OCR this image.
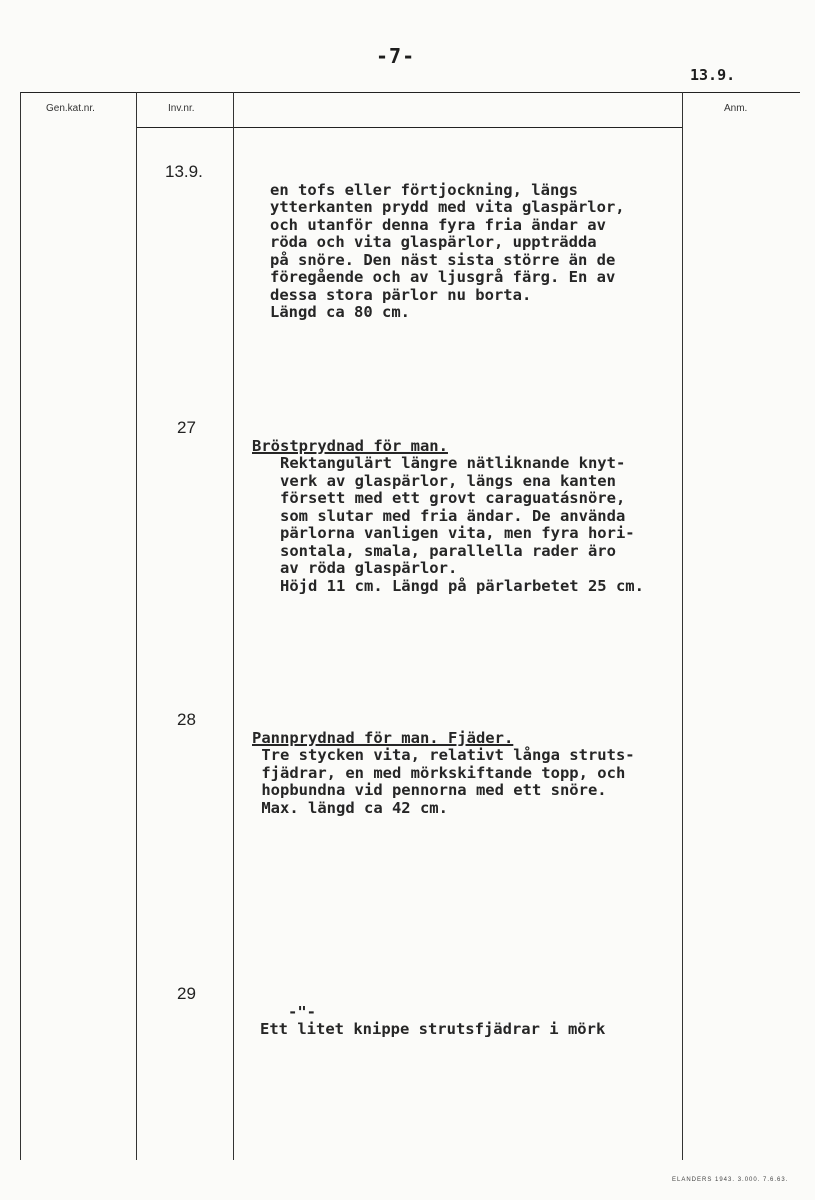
-7-
13.9.
Gen.kat.nr.	Inv.nr.	Anm.
13.9.

en tofs eller förtjockning, längs
ytterkanten prydd med vita glaspärlor,
och utanför denna fyra fria ändar av
röda och vita glaspärlor, uppträdda
på snöre. Den näst sista större än de
föregående och av ljusgrå färg. En av
dessa stora pärlor nu borta.
Längd ca 80 cm.

27

Bröstprydnad för man.
Rektangulärt längre nätliknande knyt-
verk av glaspärlor, längs ena kanten
försett med ett grovt caraguatásnöre,
som slutar med fria ändar. De använda
pärlorna vanligen vita, men fyra hori-
sontala, smala, parallella rader äro
av röda glaspärlor.
Höjd 11 cm. Längd på pärlarbetet 25 cm.

28

Pannprydnad för man. Fjäder.
Tre stycken vita, relativt långa struts-
fjädrar, en med mörkskiftande topp, och
hopbundna vid pennorna med ett snöre.
Max. längd ca 42 cm.

29

-"-
Ett litet knippe strutsfjädrar i mörk

ELANDERS 1943. 3.000. 7.6.63.
